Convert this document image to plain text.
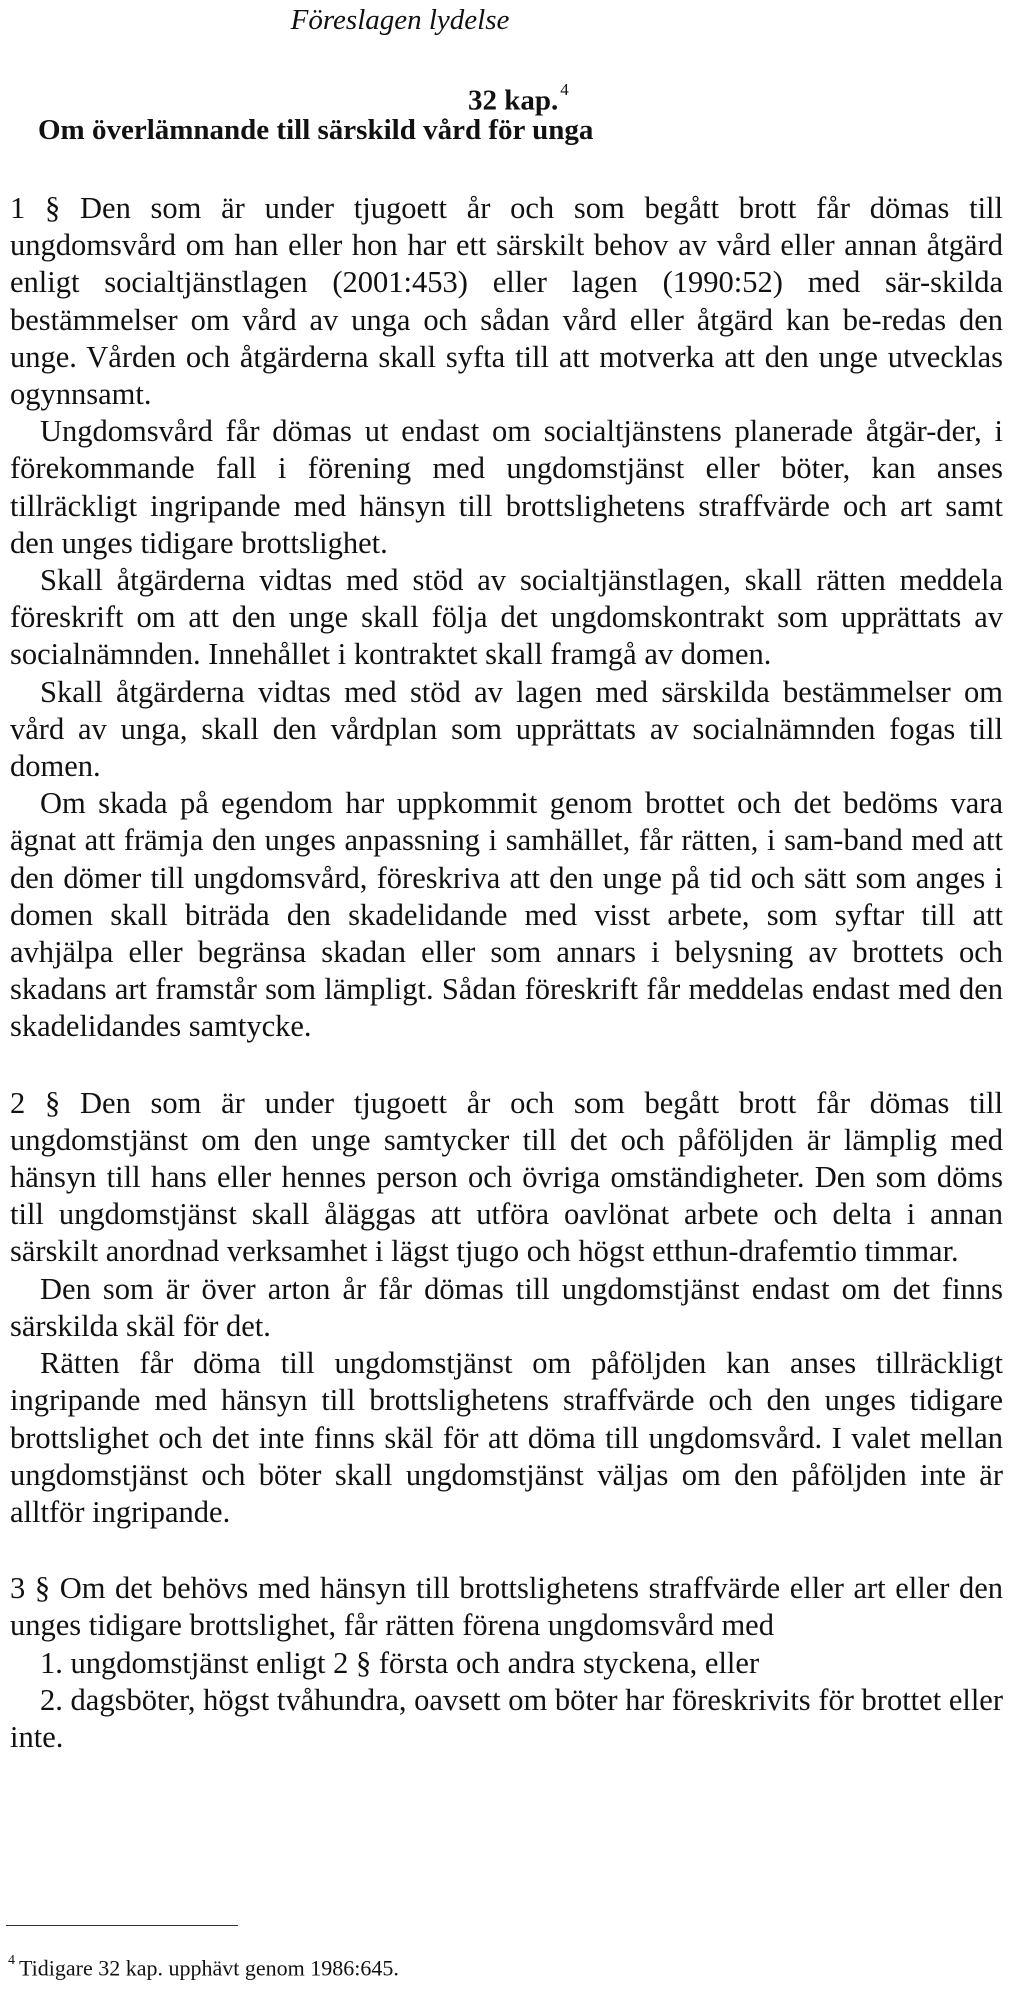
Föreslagen lydelse
32 kap. $^4$
Om överlämnande till särskild vård för unga

1 § Den som är under tjugoett år och som begått brott får dömas till ungdomsvård om han eller hon har ett särskilt behov av vård eller annan åtgärd enligt socialtjänstlagen (2001:453) eller lagen (1990:52) med sär-skilda bestämmelser om vård av unga och sådan vård eller åtgärd kan be-redas den unge. Vården och åtgärderna skall syfta till att motverka att den unge utvecklas ogynnsamt.

Ungdomsvård får dömas ut endast om socialtjänstens planerade åtgär-der, i förekommande fall i förening med ungdomstjänst eller böter, kan anses tillräckligt ingripande med hänsyn till brottslighetens straffvärde och art samt den unges tidigare brottslighet.

Skall åtgärderna vidtas med stöd av socialtjänstlagen, skall rätten meddela föreskrift om att den unge skall följa det ungdomskontrakt som upprättats av socialnämnden. Innehållet i kontraktet skall framgå av domen.

Skall åtgärderna vidtas med stöd av lagen med särskilda bestämmelser om vård av unga, skall den vårdplan som upprättats av socialnämnden fogas till domen.

Om skada på egendom har uppkommit genom brottet och det bedöms vara ägnat att främja den unges anpassning i samhället, får rätten, i sam-band med att den dömer till ungdomsvård, föreskriva att den unge på tid och sätt som anges i domen skall biträda den skadelidande med visst arbete, som syftar till att avhjälpa eller begränsa skadan eller som annars i belysning av brottets och skadans art framstår som lämpligt. Sådan föreskrift får meddelas endast med den skadelidandes samtycke.

2 § Den som är under tjugoett år och som begått brott får dömas till ungdomstjänst om den unge samtycker till det och påföljden är lämplig med hänsyn till hans eller hennes person och övriga omständigheter. Den som döms till ungdomstjänst skall åläggas att utföra oavlönat arbete och delta i annan särskilt anordnad verksamhet i lägst tjugo och högst etthun-drafemtio timmar.

Den som är över arton år får dömas till ungdomstjänst endast om det finns särskilda skäl för det.

Rätten får döma till ungdomstjänst om påföljden kan anses tillräckligt ingripande med hänsyn till brottslighetens straffvärde och den unges tidigare brottslighet och det inte finns skäl för att döma till ungdomsvård. I valet mellan ungdomstjänst och böter skall ungdomstjänst väljas om den påföljden inte är alltför ingripande.

3 § Om det behövs med hänsyn till brottslighetens straffvärde eller art eller den unges tidigare brottslighet, får rätten förena ungdomsvård med

1. ungdomstjänst enligt 2 § första och andra styckena, eller

2. dagsböter, högst tvåhundra, oavsett om böter har föreskrivits för brottet eller inte.

$^4$ Tidigare 32 kap. upphävt genom 1986:645.
